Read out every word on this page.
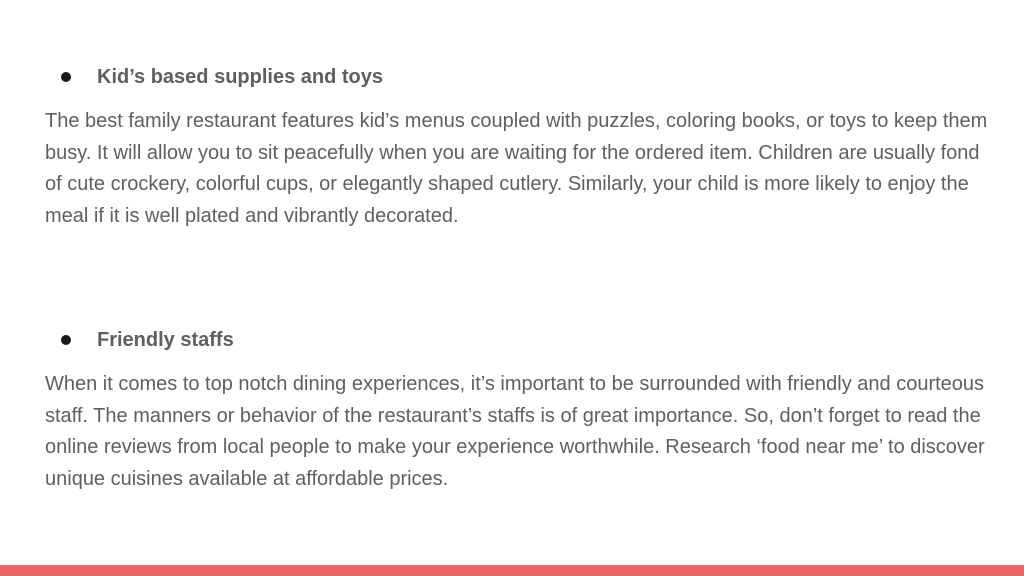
Kid’s based supplies and toys

The best family restaurant features kid’s menus coupled with puzzles, coloring books, or toys to keep them busy. It will allow you to sit peacefully when you are waiting for the ordered item. Children are usually fond of cute crockery, colorful cups, or elegantly shaped cutlery. Similarly, your child is more likely to enjoy the meal if it is well plated and vibrantly decorated.

Friendly staffs

When it comes to top notch dining experiences, it’s important to be surrounded with friendly and courteous staff. The manners or behavior of the restaurant’s staffs is of great importance. So, don’t forget to read the online reviews from local people to make your experience worthwhile. Research ‘food near me’ to discover unique cuisines available at affordable prices.
